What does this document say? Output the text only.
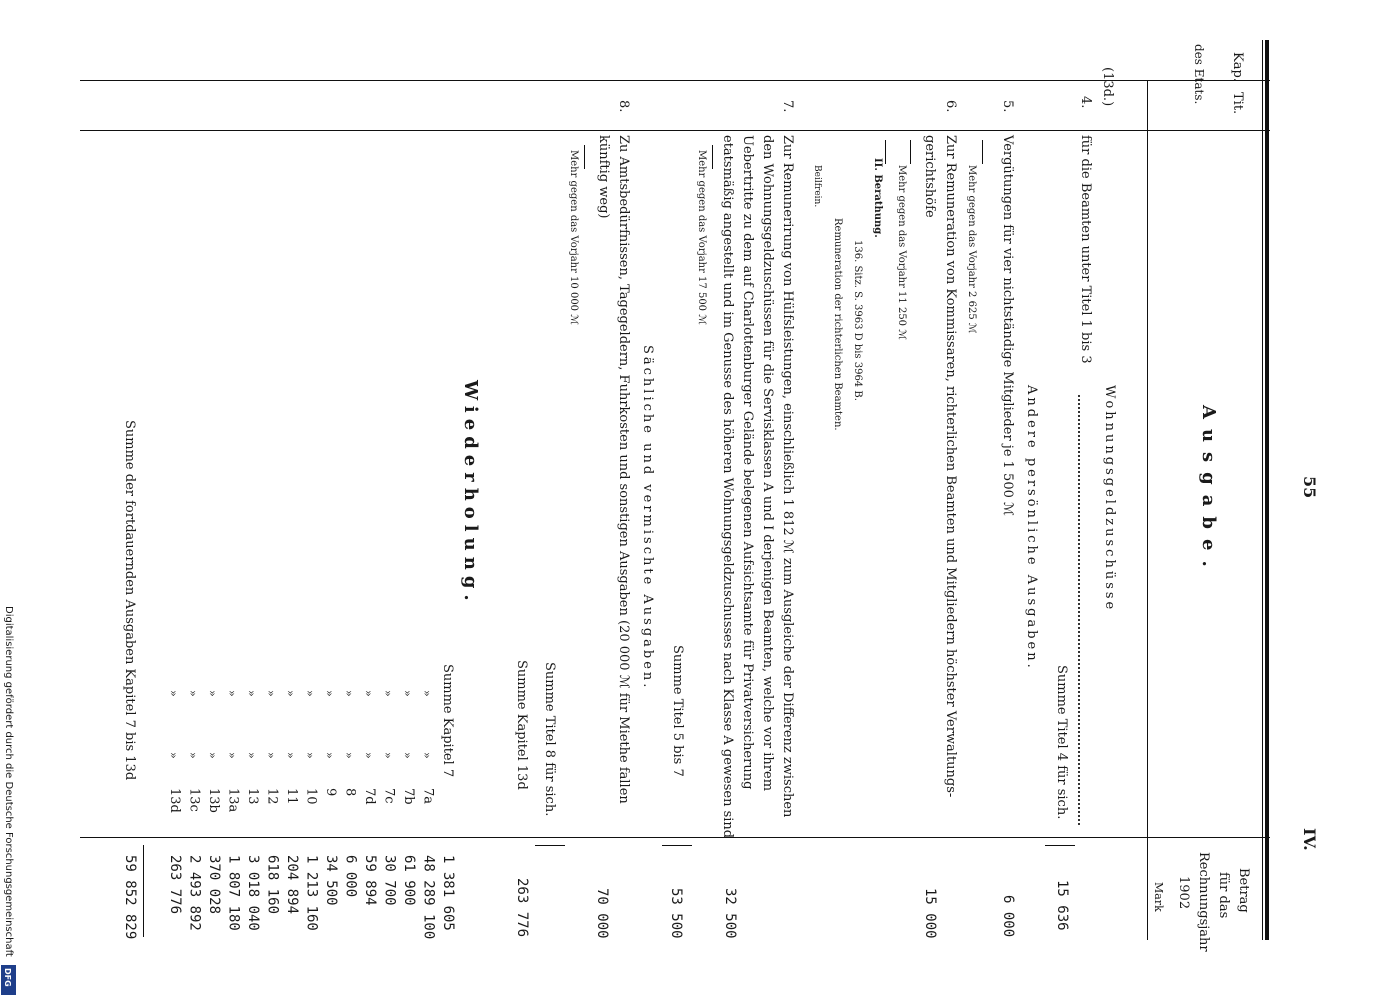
Kap.
Tit.
des Etats.
Ausgabe.	55
IV.
Betrag
für das
Rechnungsjahr
1902
Mark
(13d.)
Wohnungsgeldzuschüsse
4.
für die Beamten unter Titel 1 bis 3
Summe Titel 4 für sich.
15 636
Andere persönliche Ausgaben.
5.
Vergütungen für vier nichtständige Mitglieder je 1 500 ℳ
6 000
Mehr gegen das Vorjahr 2 625 ℳ
6.
Zur Remuneration von Kommissaren, richterlichen Beamten und Mitgliedern höchster Verwaltungs-
gerichtshöfe
15 000
Mehr gegen das Vorjahr 11 250 ℳ
II. Berathung.
136. Sitz. S. 3963 D bis 3964 B.
Remuneration der richterlichen Beamten.
Beilfrein.
7.
Zur Remunerirung von Hülfsleistungen, einschließlich 1 812 ℳ zum Ausgleiche der Differenz zwischen
den Wohnungsgeldzuschüssen für die Servisklassen A und I derjenigen Beamten, welche vor ihrem
Uebertritte zu dem auf Charlottenburger Gelände belegenen Aufsichtsamte für Privatversicherung
etatsmäßig angestellt und im Genusse des höheren Wohnungsgeldzuschusses nach Klasse A gewesen sind
32 500
Summe Titel 5 bis 7
53 500
Mehr gegen das Vorjahr 17 500 ℳ
Sächliche und vermischte Ausgaben.
8.
Zu Amtsbedürfnissen, Tagegeldern, Fuhrkosten und sonstigen Ausgaben (20 000 ℳ für Miethe fallen
künftig weg)
70 000
Mehr gegen das Vorjahr 10 000 ℳ
Summe Titel 8 für sich.
Summe Kapitel 13d
263 776
Wiederholung.
Summe Kapitel 7
1 381 605
7a
»
»
48 289 100
7b
»
»
61 900
7c
»
»
30 700
7d
»
»
59 894
8
»
»
6 000
9
»
»
34 500
10
»
»
1 213 160
11
»
»
204 894
12
»
»
618 160
13
»
»
3 018 040
13a
»
»
1 807 180
13b
»
»
370 028
13c
»
»
2 493 892
13d
»
»
263 776
Summe der fortdauernden Ausgaben Kapitel 7 bis 13d
59 852 829
Digitalisierung gefördert durch die Deutsche Forschungsgemeinschaft
DFG
